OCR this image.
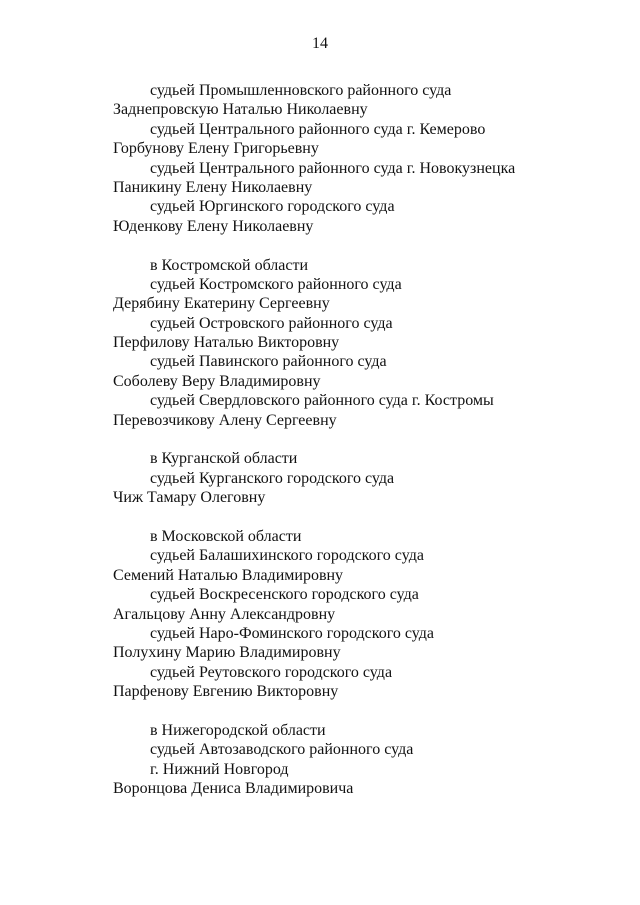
14
судьей Промышленновского районного суда
Заднепровскую Наталью Николаевну
судьей Центрального районного суда г. Кемерово
Горбунову Елену Григорьевну
судьей Центрального районного суда г. Новокузнецка
Паникину Елену Николаевну
судьей Юргинского городского суда
Юденкову Елену Николаевну
в Костромской области
судьей Костромского районного суда
Дерябину Екатерину Сергеевну
судьей Островского районного суда
Перфилову Наталью Викторовну
судьей Павинского районного суда
Соболеву Веру Владимировну
судьей Свердловского районного суда г. Костромы
Перевозчикову Алену Сергеевну
в Курганской области
судьей Курганского городского суда
Чиж Тамару Олеговну
в Московской области
судьей Балашихинского городского суда
Семений Наталью Владимировну
судьей Воскресенского городского суда
Агальцову Анну Александровну
судьей Наро-Фоминского городского суда
Полухину Марию Владимировну
судьей Реутовского городского суда
Парфенову Евгению Викторовну
в Нижегородской области
судьей Автозаводского районного суда
г. Нижний Новгород
Воронцова Дениса Владимировича
